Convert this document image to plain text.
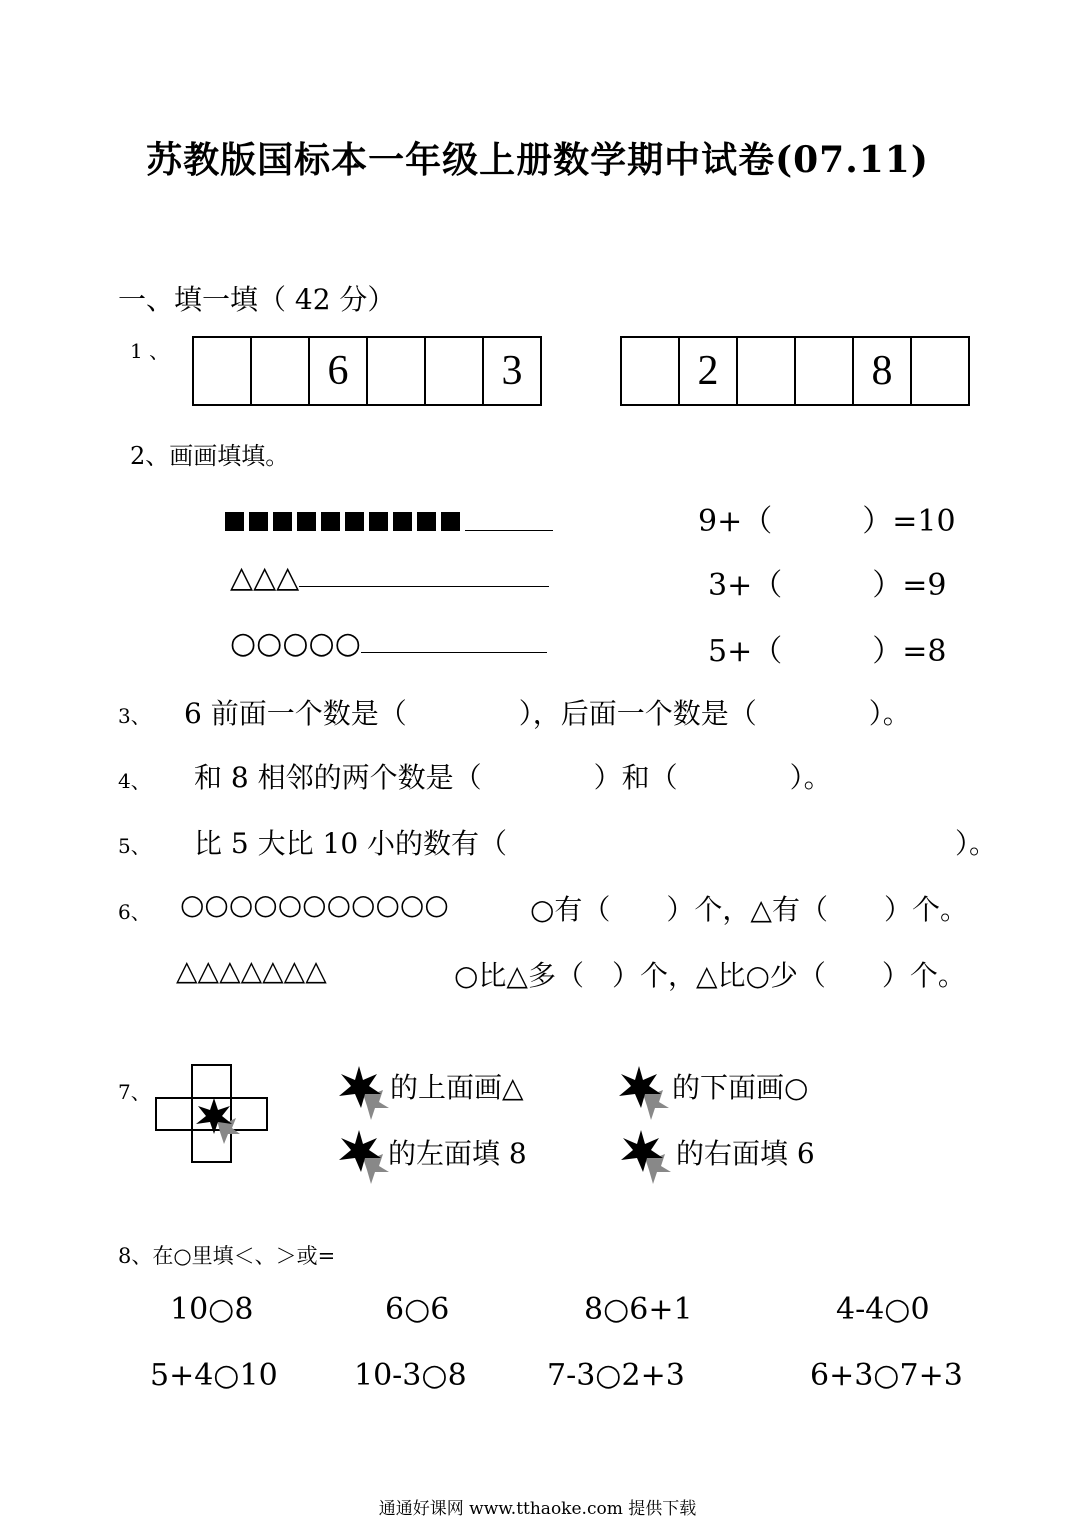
苏教版国标本一年级上册数学期中试卷(07.11)
一、填一填（ 42 分）
1 、	6	3	2	8
2、画画填填。
9+（　　　）=10
△△△	3+（　　　）=9
○○○○○	5+（　　　）=8
3、 6 前面一个数是（　　　　），后面一个数是（　　　　）。
4、 和 8 相邻的两个数是（　　　　）和（　　　　）。
5、 比 5 大比 10 小的数有（　　　　　　　　　　　　　　　　）。
6、 ○○○○○○○○○○○	○有（　　）个，△有（　　）个。
△△△△△△△	○比△多（　）个，△比○少（　　）个。
7、	的上面画△	的下面画○
的左面填 8	的右面填 6
8、在○里填＜、＞或=
10○8	6○6	8○6+1	4-4○0
5+4○10	10-3○8	7-3○2+3	6+3○7+3
通通好课网 www.tthaoke.com 提供下载
